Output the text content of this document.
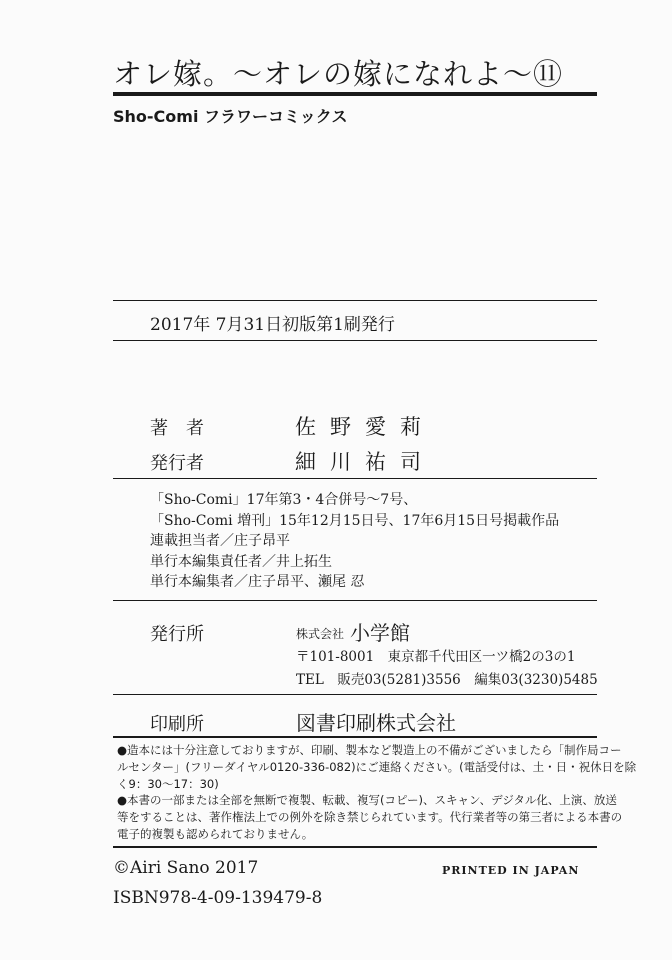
オレ嫁。〜オレの嫁になれよ〜⑪
Sho-Comi フラワーコミックス
2017年 7月31日初版第1刷発行
著　者	佐野愛莉
発行者	細川祐司
「Sho-Comi」17年第3・4合併号〜7号、
「Sho-Comi 増刊」15年12月15日号、17年6月15日号掲載作品
連載担当者／庄子昂平
単行本編集責任者／井上拓生
単行本編集者／庄子昂平、瀬尾 忍
発行所	株式会社 小学館
〒101-8001　東京都千代田区一ツ橋2の3の1
TEL　販売03(5281)3556　編集03(3230)5485
印刷所	図書印刷株式会社
●造本には十分注意しておりますが、印刷、製本など製造上の不備がございましたら「制作局コー
ルセンター」(フリーダイヤル0120-336-082)にご連絡ください。(電話受付は、土・日・祝休日を除
く9：30〜17：30)
●本書の一部または全部を無断で複製、転載、複写(コピー)、スキャン、デジタル化、上演、放送
等をすることは、著作権法上での例外を除き禁じられています。代行業者等の第三者による本書の
電子的複製も認められておりません。
©Airi Sano 2017	PRINTED IN JAPAN
ISBN978-4-09-139479-8
